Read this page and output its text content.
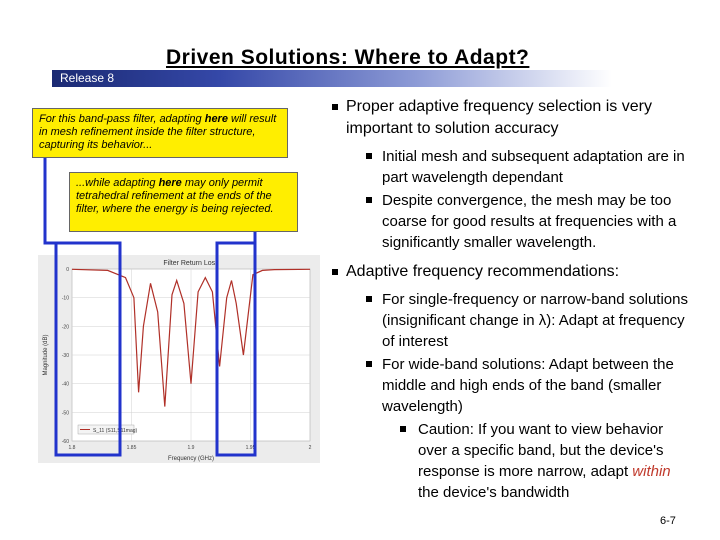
Driven Solutions: Where to Adapt?
Release 8
Filter Return Loss
Frequency (GHz)
Magnitude (dB)
0
-10
-20
-30
-40
-50
-60
1.8	1.85	1.9	1.95	2
S_11 (S11,S11mag)
For this band-pass filter, adapting here will result in mesh refinement inside the filter structure, capturing its behavior...
...while adapting here may only permit tetrahedral refinement at the ends of the filter, where the energy is being rejected.
Proper adaptive frequency selection is very important to solution accuracy
Initial mesh and subsequent adaptation are in part wavelength dependant
Despite convergence, the mesh may be too coarse for good results at frequencies with a significantly smaller wavelength.
Adaptive frequency recommendations:
For single-frequency or narrow-band solutions (insignificant change in λ): Adapt at frequency of interest
For wide-band solutions: Adapt between the middle and high ends of the band (smaller wavelength)
Caution: If you want to view behavior over a specific band, but the device's response is more narrow, adapt within the device's bandwidth
6-7
